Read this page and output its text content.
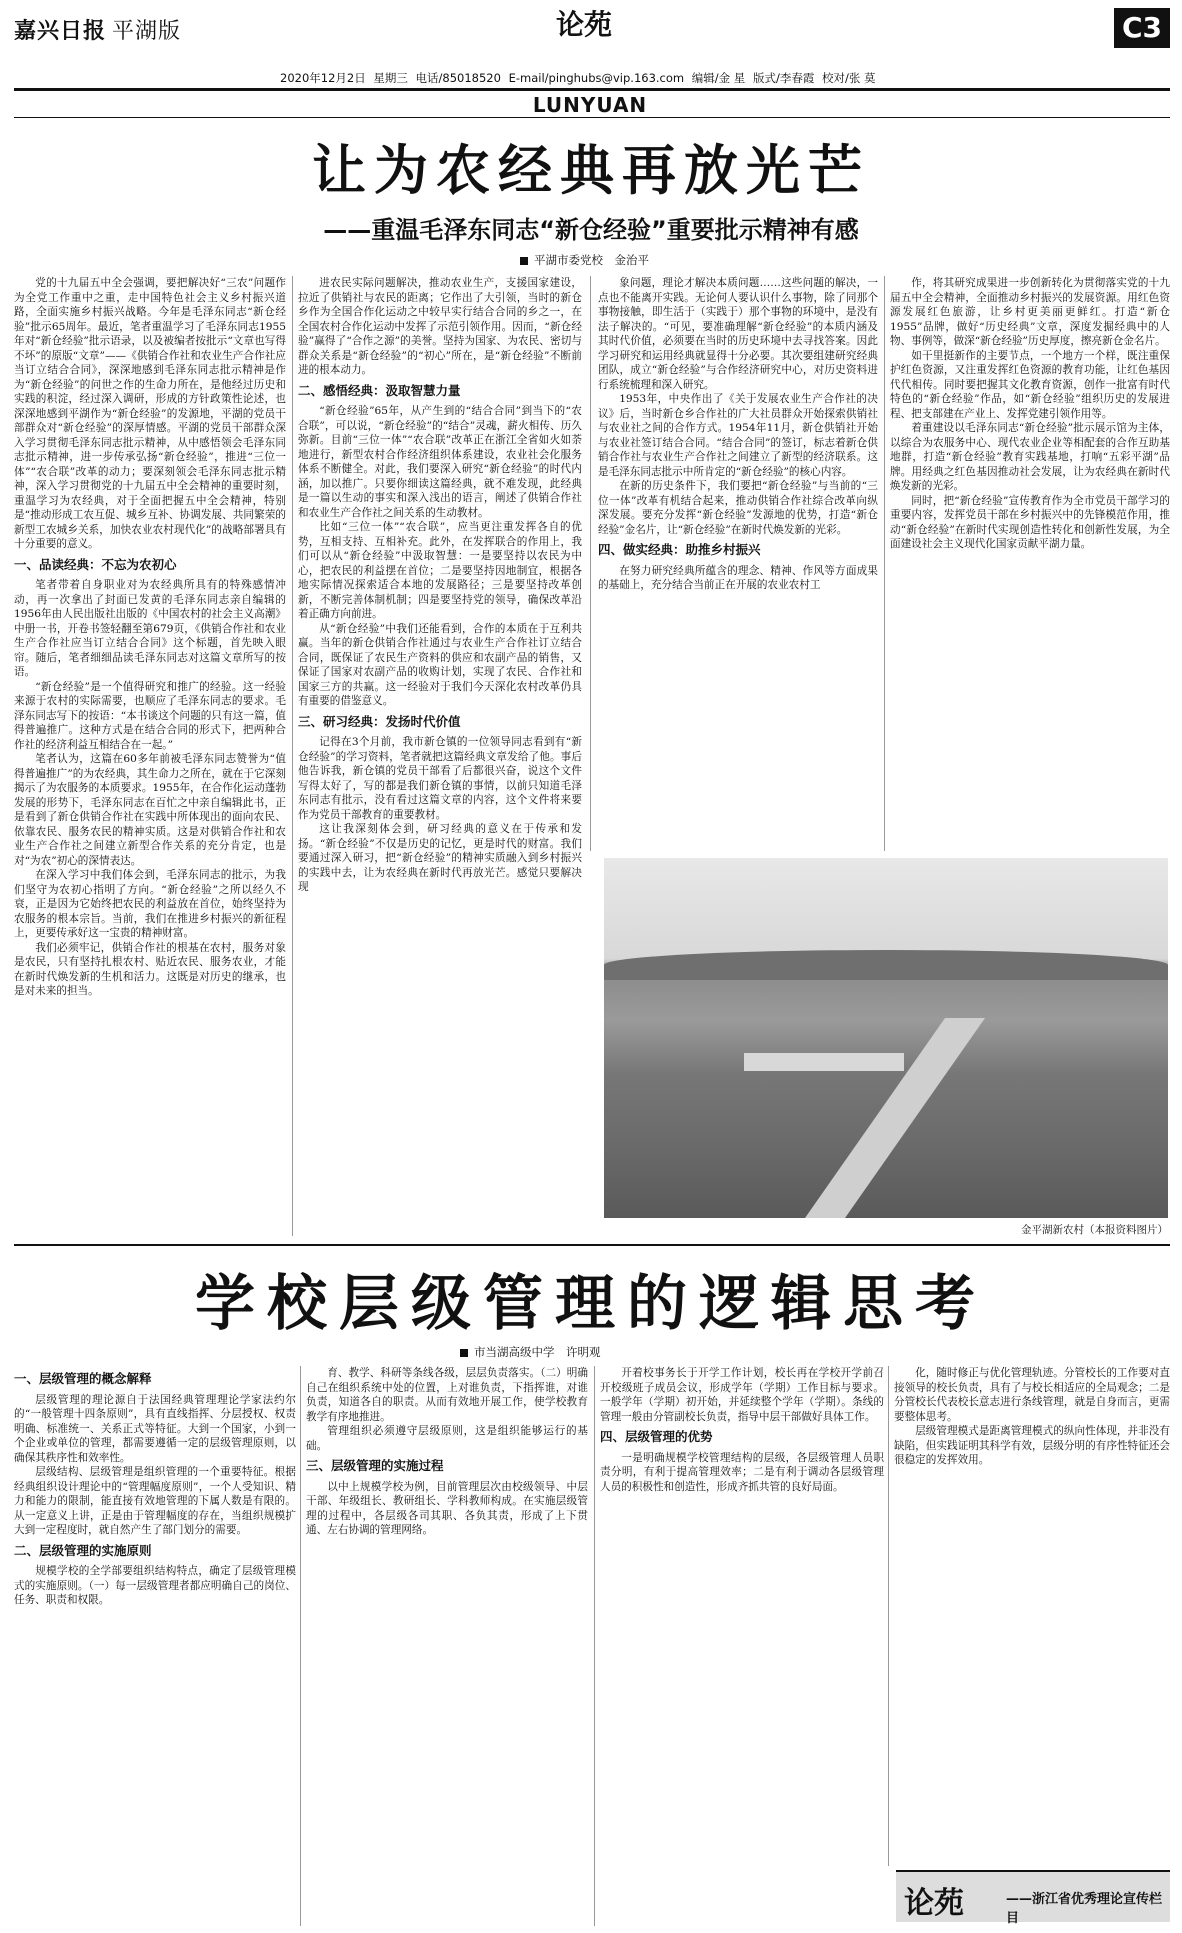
嘉兴日报 平湖版	论苑	C3
2020年12月2日 星期三 电话/85018520 E-mail/pinghubs@vip.163.com 编辑/金 星 版式/李春霞 校对/张 莫
LUNYUAN
让为农经典再放光芒
——重温毛泽东同志“新仓经验”重要批示精神有感
平湖市委党校　金治平

党的十九届五中全会强调，要把解决好“三农”问题作为全党工作重中之重，走中国特色社会主义乡村振兴道路，全面实施乡村振兴战略。今年是毛泽东同志“新仓经验”批示65周年。最近，笔者重温学习了毛泽东同志1955年对“新仓经验”批示语录，以及被编者按批示“文章也写得不坏”的原版“文章”——《供销合作社和农业生产合作社应当订立结合合同》，深深地感到毛泽东同志批示精神是作为“新仓经验”的问世之作的生命力所在，是他经过历史和实践的积淀，经过深入调研，形成的方针政策性论述，也深深地感到平湖作为“新仓经验”的发源地，平湖的党员干部群众对“新仓经验”的深厚情感。平湖的党员干部群众深入学习贯彻毛泽东同志批示精神，从中感悟领会毛泽东同志批示精神，进一步传承弘扬“新仓经验”，推进“三位一体”“农合联”改革的动力；要深刻领会毛泽东同志批示精神，深入学习贯彻党的十九届五中全会精神的重要时刻，重温学习为农经典，对于全面把握五中全会精神，特别是“推动形成工农互促、城乡互补、协调发展、共同繁荣的新型工农城乡关系，加快农业农村现代化”的战略部署具有十分重要的意义。

一、品读经典：不忘为农初心

笔者带着自身职业对为农经典所具有的特殊感情冲动，再一次拿出了封面已发黄的毛泽东同志亲自编辑的1956年由人民出版社出版的《中国农村的社会主义高潮》中册一书，开卷书签轻翻至第679页，《供销合作社和农业生产合作社应当订立结合合同》这个标题，首先映入眼帘。随后，笔者细细品读毛泽东同志对这篇文章所写的按语。

“新仓经验”是一个值得研究和推广的经验。这一经验来源于农村的实际需要，也顺应了毛泽东同志的要求。毛泽东同志写下的按语：“本书谈这个问题的只有这一篇，值得普遍推广。这种方式是在结合合同的形式下，把两种合作社的经济利益互相结合在一起。”

笔者认为，这篇在60多年前被毛泽东同志赞誉为“值得普遍推广”的为农经典，其生命力之所在，就在于它深刻揭示了为农服务的本质要求。1955年，在合作化运动蓬勃发展的形势下，毛泽东同志在百忙之中亲自编辑此书，正是看到了新仓供销合作社在实践中所体现出的面向农民、依靠农民、服务农民的精神实质。这是对供销合作社和农业生产合作社之间建立新型合作关系的充分肯定，也是对“为农”初心的深情表达。

在深入学习中我们体会到，毛泽东同志的批示，为我们坚守为农初心指明了方向。“新仓经验”之所以经久不衰，正是因为它始终把农民的利益放在首位，始终坚持为农服务的根本宗旨。当前，我们在推进乡村振兴的新征程上，更要传承好这一宝贵的精神财富。

我们必须牢记，供销合作社的根基在农村，服务对象是农民，只有坚持扎根农村、贴近农民、服务农业，才能在新时代焕发新的生机和活力。这既是对历史的继承，也是对未来的担当。

进农民实际问题解决，推动农业生产，支援国家建设，拉近了供销社与农民的距离；它作出了大引领，当时的新仓乡作为全国合作化运动之中较早实行结合合同的乡之一，在全国农村合作化运动中发挥了示范引领作用。因而，“新仓经验”赢得了“合作之源”的美誉。坚持为国家、为农民、密切与群众关系是“新仓经验”的“初心”所在，是“新仓经验”不断前进的根本动力。

二、感悟经典：汲取智慧力量

“新仓经验”65年，从产生到的“结合合同”到当下的“农合联”，可以说，“新仓经验”的“结合”灵魂，薪火相传、历久弥新。目前“三位一体”“农合联”改革正在浙江全省如火如荼地进行，新型农村合作经济组织体系建设，农业社会化服务体系不断健全。对此，我们要深入研究“新仓经验”的时代内涵，加以推广。只要你细读这篇经典，就不难发现，此经典是一篇以生动的事实和深入浅出的语言，阐述了供销合作社和农业生产合作社之间关系的生动教材。

比如“三位一体”“农合联”，应当更注重发挥各自的优势，互相支持、互相补充。此外，在发挥联合的作用上，我们可以从“新仓经验”中汲取智慧：一是要坚持以农民为中心，把农民的利益摆在首位；二是要坚持因地制宜，根据各地实际情况探索适合本地的发展路径；三是要坚持改革创新，不断完善体制机制；四是要坚持党的领导，确保改革沿着正确方向前进。

从“新仓经验”中我们还能看到，合作的本质在于互利共赢。当年的新仓供销合作社通过与农业生产合作社订立结合合同，既保证了农民生产资料的供应和农副产品的销售，又保证了国家对农副产品的收购计划，实现了农民、合作社和国家三方的共赢。这一经验对于我们今天深化农村改革仍具有重要的借鉴意义。

三、研习经典：发扬时代价值

记得在3个月前，我市新仓镇的一位领导同志看到有“新仓经验”的学习资料，笔者就把这篇经典文章发给了他。事后他告诉我，新仓镇的党员干部看了后都很兴奋，说这个文件写得太好了，写的都是我们新仓镇的事情，以前只知道毛泽东同志有批示，没有看过这篇文章的内容，这个文件将来要作为党员干部教育的重要教材。

这让我深刻体会到，研习经典的意义在于传承和发扬。“新仓经验”不仅是历史的记忆，更是时代的财富。我们要通过深入研习，把“新仓经验”的精神实质融入到乡村振兴的实践中去，让为农经典在新时代再放光芒。感觉只要解决现

象问题，理论才解决本质问题……这些问题的解决，一点也不能离开实践。无论何人要认识什么事物，除了同那个事物接触，即生活于（实践于）那个事物的环境中，是没有法子解决的。“可见，要准确理解“新仓经验”的本质内涵及其时代价值，必须要在当时的历史环境中去寻找答案。因此学习研究和运用经典就显得十分必要。其次要组建研究经典团队，成立“新仓经验”与合作经济研究中心，对历史资料进行系统梳理和深入研究。

1953年，中央作出了《关于发展农业生产合作社的决议》后，当时新仓乡合作社的广大社员群众开始探索供销社与农业社之间的合作方式。1954年11月，新仓供销社开始与农业社签订结合合同。“结合合同”的签订，标志着新仓供销合作社与农业生产合作社之间建立了新型的经济联系。这是毛泽东同志批示中所肯定的“新仓经验”的核心内容。

在新的历史条件下，我们要把“新仓经验”与当前的“三位一体”改革有机结合起来，推动供销合作社综合改革向纵深发展。要充分发挥“新仓经验”发源地的优势，打造“新仓经验”金名片，让“新仓经验”在新时代焕发新的光彩。

四、做实经典：助推乡村振兴

在努力研究经典所蕴含的理念、精神、作风等方面成果的基础上，充分结合当前正在开展的农业农村工

作，将其研究成果进一步创新转化为贯彻落实党的十九届五中全会精神，全面推动乡村振兴的发展资源。用红色资源发展红色旅游，让乡村更美丽更鲜红。打造“新仓1955”品牌，做好“历史经典”文章，深度发掘经典中的人物、事例等，做深“新仓经验”历史厚度，擦亮新仓金名片。

如干里挺新作的主要节点，一个地方一个样，既注重保护红色资源，又注重发挥红色资源的教育功能，让红色基因代代相传。同时要把握其文化教育资源，创作一批富有时代特色的“新仓经验”作品，如“新仓经验”组织历史的发展进程、把支部建在产业上、发挥党建引领作用等。

着重建设以毛泽东同志“新仓经验”批示展示馆为主体，以综合为农服务中心、现代农业企业等相配套的合作互助基地群，打造“新仓经验”教育实践基地，打响“五彩平湖”品牌。用经典之红色基因推动社会发展，让为农经典在新时代焕发新的光彩。

同时，把“新仓经验”宣传教育作为全市党员干部学习的重要内容，发挥党员干部在乡村振兴中的先锋模范作用，推动“新仓经验”在新时代实现创造性转化和创新性发展，为全面建设社会主义现代化国家贡献平湖力量。

金平湖新农村（本报资料图片）
学校层级管理的逻辑思考
市当湖高级中学　许明观
一、层级管理的概念解释

层级管理的理论源自于法国经典管理理论学家法约尔的“一般管理十四条原则”，具有直线指挥、分层授权、权责明确、标准统一、关系正式等特征。大到一个国家，小到一个企业或单位的管理，都需要遵循一定的层级管理原则，以确保其秩序性和效率性。

层级结构、层级管理是组织管理的一个重要特征。根据经典组织设计理论中的“管理幅度原则”，一个人受知识、精力和能力的限制，能直接有效地管理的下属人数是有限的。从一定意义上讲，正是由于管理幅度的存在，当组织规模扩大到一定程度时，就自然产生了部门划分的需要。

二、层级管理的实施原则

规模学校的全学部要组织结构特点，确定了层级管理模式的实施原则。（一）每一层级管理者都应明确自己的岗位、任务、职责和权限。

育、教学、科研等条线各级，层层负责落实。（二）明确自己在组织系统中处的位置，上对谁负责，下指挥谁，对谁负责，知道各自的职责。从而有效地开展工作，使学校教育教学有序地推进。

管理组织必须遵守层级原则，这是组织能够运行的基础。

三、层级管理的实施过程

以中上规模学校为例，目前管理层次由校级领导、中层干部、年级组长、教研组长、学科教师构成。在实施层级管理的过程中，各层级各司其职、各负其责，形成了上下贯通、左右协调的管理网络。

开着校事务长于开学工作计划，校长再在学校开学前召开校级班子成员会议，形成学年（学期）工作目标与要求。一般学年（学期）初开始，并延续整个学年（学期）。条线的管理一般由分管副校长负责，指导中层干部做好具体工作。

四、层级管理的优势

一是明确规模学校管理结构的层级，各层级管理人员职责分明，有利于提高管理效率；二是有利于调动各层级管理人员的积极性和创造性，形成齐抓共管的良好局面。

化，随时修正与优化管理轨迹。分管校长的工作要对直接领导的校长负责，具有了与校长相适应的全局观念；二是分管校长代表校长意志进行条线管理，就是自身而言，更需要整体思考。

层级管理模式是距离管理模式的纵向性体现，并非没有缺陷，但实践证明其科学有效，层级分明的有序性特征还会很稳定的发挥效用。

论苑	——浙江省优秀理论宣传栏目
